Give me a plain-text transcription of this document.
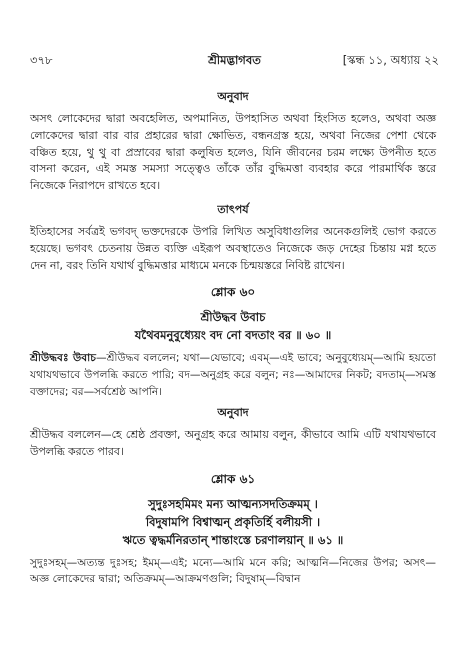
৩৭৮	শ্রীমদ্ভাগবত	[স্কন্ধ ১১, অধ্যায় ২২
অনুবাদ

অসৎ লোকেদের দ্বারা অবহেলিত, অপমানিত, উপহাসিত অথবা হিংসিত হলেও, অথবা অজ্ঞ লোকেদের দ্বারা বার বার প্রহারের দ্বারা ক্ষোভিত, বন্ধনগ্রস্ত হয়ে, অথবা নিজের পেশা থেকে বঞ্চিত হয়ে, থু থু বা প্রস্রাবের দ্বারা কলুষিত হলেও, যিনি জীবনের চরম লক্ষ্যে উপনীত হতে বাসনা করেন, এই সমস্ত সমস্যা সত্ত্বেও তাঁকে তাঁর বুদ্ধিমত্তা ব্যবহার করে পারমার্থিক স্তরে নিজেকে নিরাপদে রাখতে হবে।

তাৎপর্য

ইতিহাসের সর্বত্রই ভগবদ্ ভক্তদেরকে উপরি লিখিত অসুবিধাগুলির অনেকগুলিই ভোগ করতে হয়েছে। ভগবৎ চেতনায় উন্নত ব্যক্তি এইরূপ অবস্থাতেও নিজেকে জড় দেহের চিন্তায় মগ্ন হতে দেন না, বরং তিনি যথার্থ বুদ্ধিমত্তার মাধ্যমে মনকে চিন্ময়স্তরে নিবিষ্ট রাখেন।

শ্লোক ৬০

শ্রীউদ্ধব উবাচ

যথৈবমনুবুধ্যেয়ং বদ নো বদতাং বর ॥ ৬০ ॥

শ্রীউদ্ধবঃ উবাচ—শ্রীউদ্ধব বললেন; যথা—যেভাবে; এবম্—এই ভাবে; অনুবুধ্যেয়ম্—আমি হয়তো যথাযথভাবে উপলব্ধি করতে পারি; বদ—অনুগ্রহ করে বলুন; নঃ—আমাদের নিকট; বদতাম্—সমস্ত বক্তাদের; বর—সর্বশ্রেষ্ঠ আপনি।

অনুবাদ

শ্রীউদ্ধব বললেন—হে শ্রেষ্ঠ প্রবক্তা, অনুগ্রহ করে আমায় বলুন, কীভাবে আমি এটি যথাযথভাবে উপলব্ধি করতে পারব।

শ্লোক ৬১

সুদুঃসহমিমং মন্য আত্মন্যসদতিক্রমম্ ।

বিদুষামপি বিশ্বাত্মন্ প্রকৃতির্হি বলীয়সী ।

ঋতে ত্বদ্ধর্মনিরতান্ শান্তাংস্তে চরণালয়ান্ ॥ ৬১ ॥

সুদুঃসহম্—অত্যন্ত দুঃসহ; ইমম্—এই; মন্যে—আমি মনে করি; আত্মনি—নিজের উপর; অসৎ—অজ্ঞ লোকেদের দ্বারা; অতিক্রমম্—আক্রমণগুলি; বিদুষাম্—বিদ্বান
